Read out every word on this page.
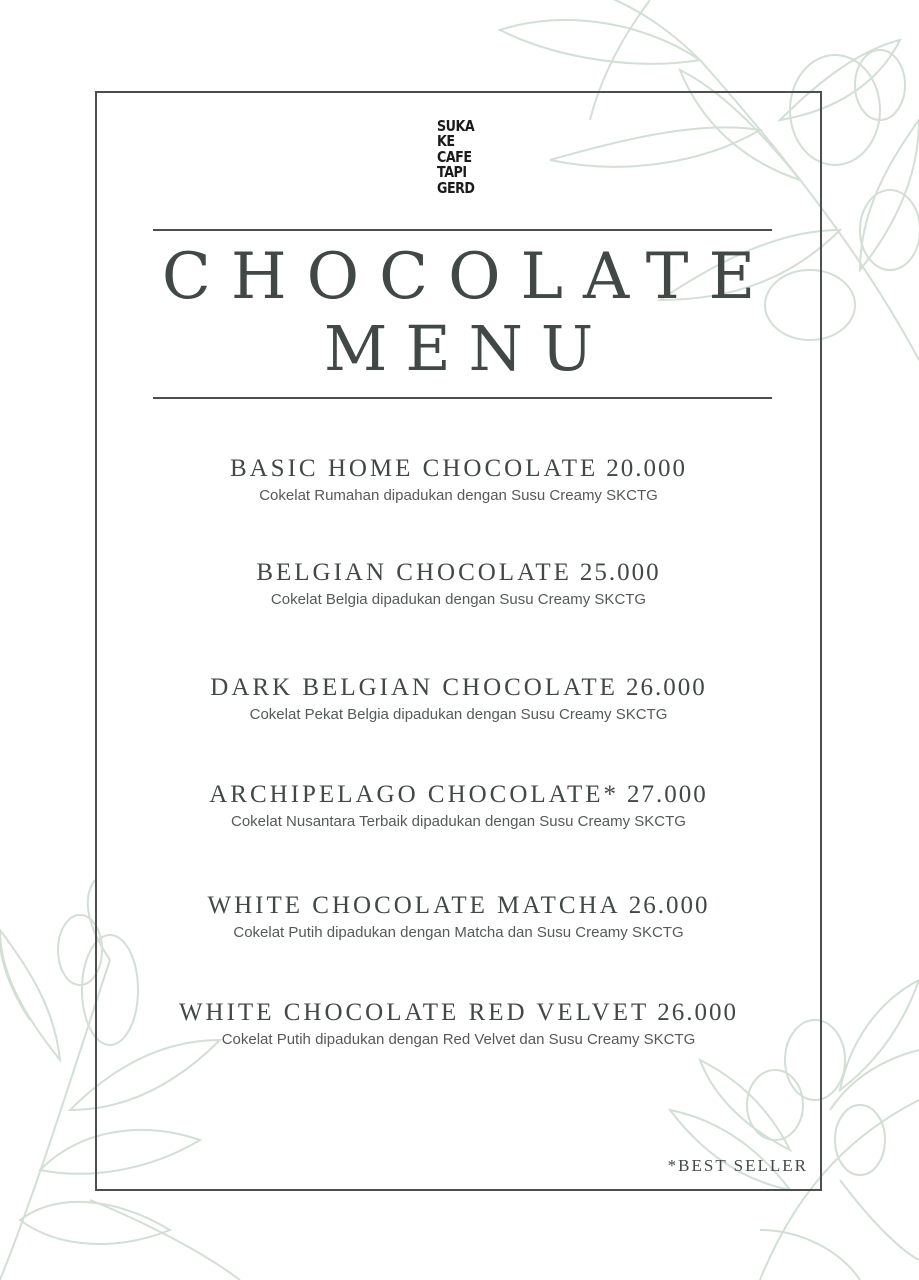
SUKA
KE
CAFE
TAPI
GERD
CHOCOLATE
MENU
BASIC HOME CHOCOLATE 20.000
Cokelat Rumahan dipadukan dengan Susu Creamy SKCTG
BELGIAN CHOCOLATE 25.000
Cokelat Belgia dipadukan dengan Susu Creamy SKCTG
DARK BELGIAN CHOCOLATE 26.000
Cokelat Pekat Belgia dipadukan dengan Susu Creamy SKCTG
ARCHIPELAGO CHOCOLATE* 27.000
Cokelat Nusantara Terbaik dipadukan dengan Susu Creamy SKCTG
WHITE CHOCOLATE MATCHA 26.000
Cokelat Putih dipadukan dengan Matcha dan Susu Creamy SKCTG
WHITE CHOCOLATE RED VELVET 26.000
Cokelat Putih dipadukan dengan Red Velvet dan Susu Creamy SKCTG
*BEST SELLER
